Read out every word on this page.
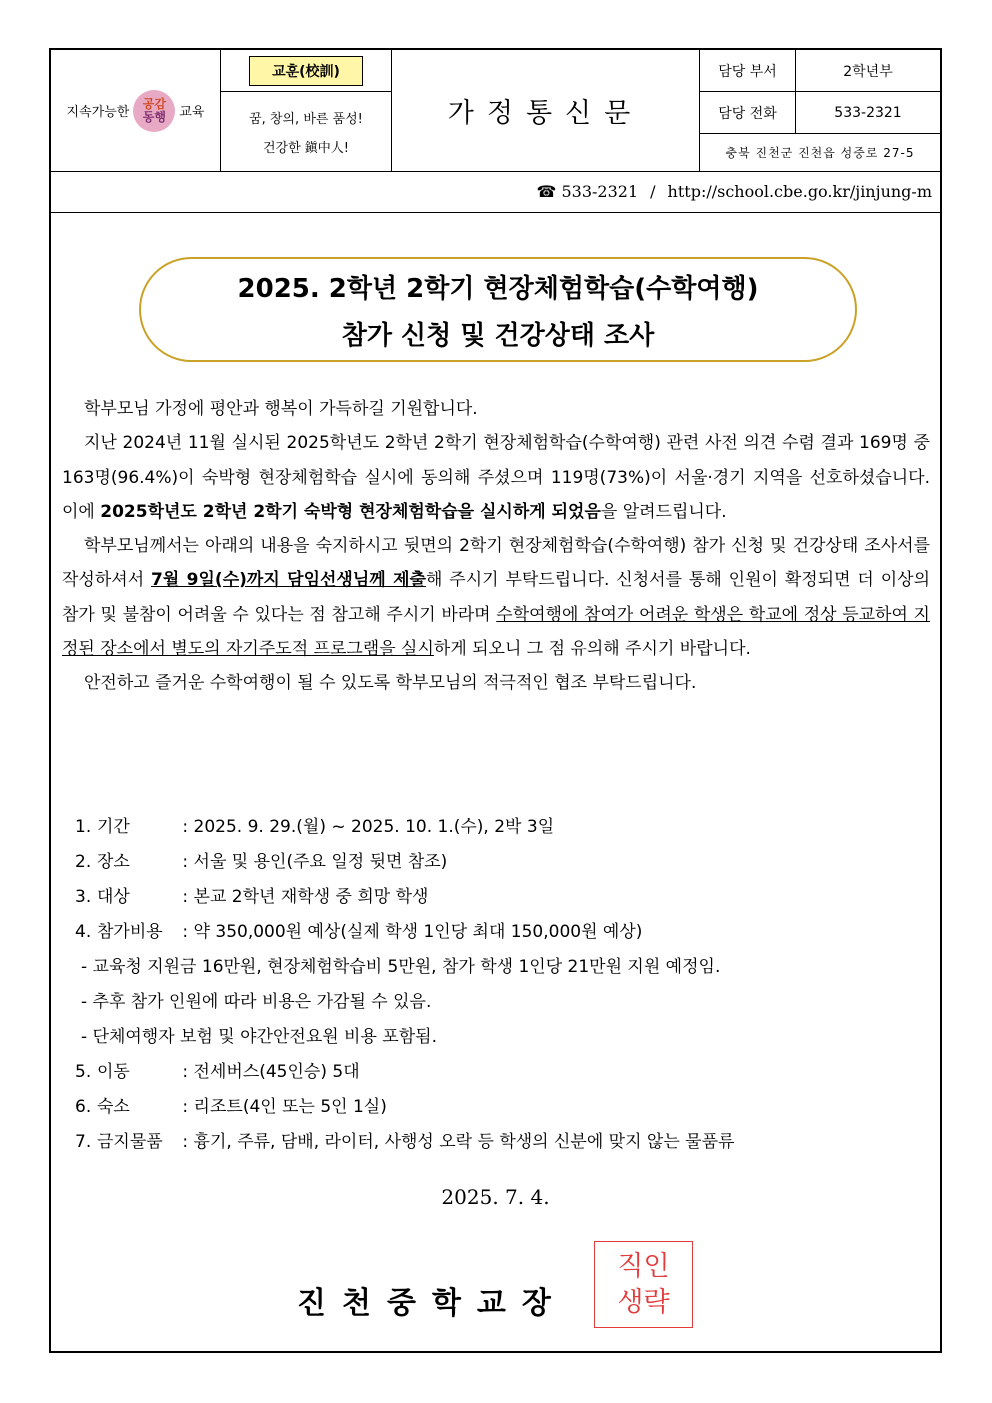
지속가능한
공감
동행 교육
교훈(校訓)
꿈, 창의, 바른 품성!
건강한 鎭中人!
가정통신문
담당 부서	2학년부
담당 전화	533-2321
충북 진천군 진천읍 성중로 27-5
☎ 533-2321 / http://school.cbe.go.kr/jinjung-m
2025. 2학년 2학기 현장체험학습(수학여행)
참가 신청 및 건강상태 조사

학부모님 가정에 평안과 행복이 가득하길 기원합니다.

지난 2024년 11월 실시된 2025학년도 2학년 2학기 현장체험학습(수학여행) 관련 사전 의견 수렴 결과 169명 중 163명(96.4%)이 숙박형 현장체험학습 실시에 동의해 주셨으며 119명(73%)이 서울·경기 지역을 선호하셨습니다. 이에 2025학년도 2학년 2학기 숙박형 현장체험학습을 실시하게 되었음을 알려드립니다.

학부모님께서는 아래의 내용을 숙지하시고 뒷면의 2학기 현장체험학습(수학여행) 참가 신청 및 건강상태 조사서를 작성하셔서 7월 9일(수)까지 담임선생님께 제출해 주시기 부탁드립니다. 신청서를 통해 인원이 확정되면 더 이상의 참가 및 불참이 어려울 수 있다는 점 참고해 주시기 바라며 수학여행에 참여가 어려운 학생은 학교에 정상 등교하여 지정된 장소에서 별도의 자기주도적 프로그램을 실시하게 되오니 그 점 유의해 주시기 바랍니다.

안전하고 즐거운 수학여행이 될 수 있도록 학부모님의 적극적인 협조 부탁드립니다.

1. 기간	: 2025. 9. 29.(월) ~ 2025. 10. 1.(수), 2박 3일
2. 장소	: 서울 및 용인(주요 일정 뒷면 참조)
3. 대상	: 본교 2학년 재학생 중 희망 학생
4. 참가비용 : 약 350,000원 예상(실제 학생 1인당 최대 150,000원 예상)
- 교육청 지원금 16만원, 현장체험학습비 5만원, 참가 학생 1인당 21만원 지원 예정임.
- 추후 참가 인원에 따라 비용은 가감될 수 있음.
- 단체여행자 보험 및 야간안전요원 비용 포함됨.
5. 이동	: 전세버스(45인승) 5대
6. 숙소	: 리조트(4인 또는 5인 1실)
7. 금지물품 : 흉기, 주류, 담배, 라이터, 사행성 오락 등 학생의 신분에 맞지 않는 물품류
2025. 7. 4.
진천중학교장
직인
생략
